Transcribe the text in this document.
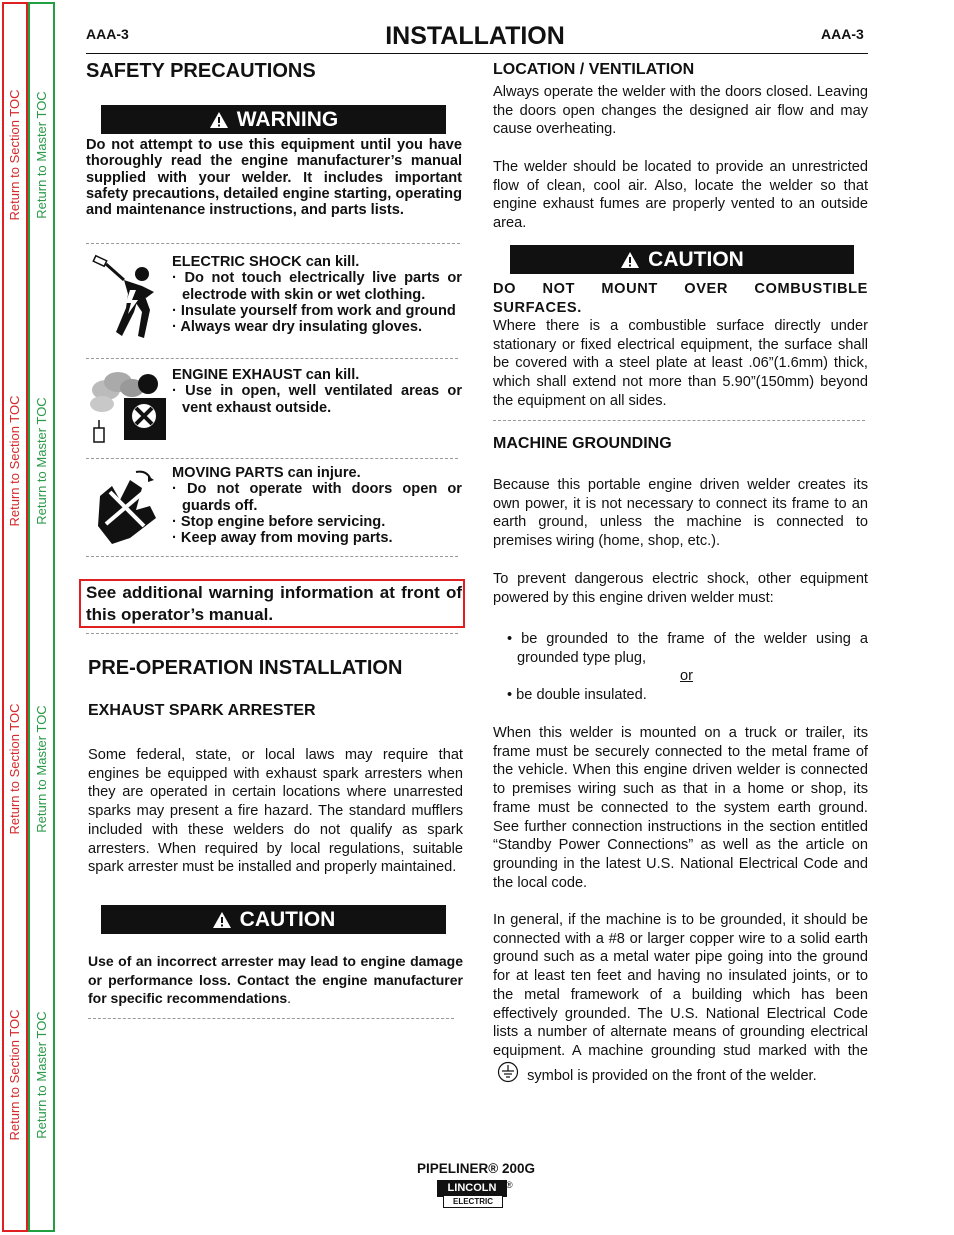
Return to Section TOC Return to Master TOC
Return to Section TOC Return to Master TOC
Return to Section TOC Return to Master TOC
Return to Section TOC Return to Master TOC
AAA-3	INSTALLATION	AAA-3
SAFETY PRECAUTIONS
WARNING

Do not attempt to use this equipment until you have thoroughly read the engine manufacturer’s manual supplied with your welder. It includes important safety precautions, detailed engine starting, operating and maintenance instructions, and parts lists.

ELECTRIC SHOCK can kill.
· Do not touch electrically live parts or electrode with skin or wet clothing.
· Insulate yourself from work and ground
· Always wear dry insulating gloves.
ENGINE EXHAUST can kill.
· Use in open, well ventilated areas or vent exhaust outside.
MOVING PARTS can injure.
· Do not operate with doors open or guards off.
· Stop engine before servicing.
· Keep away from moving parts.
See additional warning information at front of this operator’s manual.
PRE-OPERATION INSTALLATION
EXHAUST SPARK ARRESTER

Some federal, state, or local laws may require that engines be equipped with exhaust spark arresters when they are operated in certain locations where unarrested sparks may present a fire hazard. The standard mufflers included with these welders do not qualify as spark arresters. When required by local regulations, suitable spark arrester must be installed and properly maintained.

CAUTION

Use of an incorrect arrester may lead to engine damage or performance loss. Contact the engine manufacturer for specific recommendations.

LOCATION / VENTILATION

Always operate the welder with the doors closed. Leaving the doors open changes the designed air flow and may cause overheating.

The welder should be located to provide an unrestricted flow of clean, cool air. Also, locate the welder so that engine exhaust fumes are properly vented to an outside area.

CAUTION

DO NOT MOUNT OVER COMBUSTIBLE SURFACES.

Where there is a combustible surface directly under stationary or fixed electrical equipment, the surface shall be covered with a steel plate at least .06”(1.6mm) thick, which shall extend not more than 5.90”(150mm) beyond the equipment on all sides.

MACHINE GROUNDING

Because this portable engine driven welder creates its own power, it is not necessary to connect its frame to an earth ground, unless the machine is connected to premises wiring (home, shop, etc.).

To prevent dangerous electric shock, other equipment powered by this engine driven welder must:

• be grounded to the frame of the welder using a grounded type plug,
or
• be double insulated.

When this welder is mounted on a truck or trailer, its frame must be securely connected to the metal frame of the vehicle. When this engine driven welder is connected to premises wiring such as that in a home or shop, its frame must be connected to the system earth ground. See further connection instructions in the section entitled “Standby Power Connections” as well as the article on grounding in the latest U.S. National Electrical Code and the local code.

In general, if the machine is to be grounded, it should be connected with a #8 or larger copper wire to a solid earth ground such as a metal water pipe going into the ground for at least ten feet and having no insulated joints, or to the metal framework of a building which has been effectively grounded. The U.S. National Electrical Code lists a number of alternate means of grounding electrical equipment. A machine grounding stud marked with the  symbol is provided on the front of the welder.

PIPELINER® 200G
LINCOLN
ELECTRIC
®
